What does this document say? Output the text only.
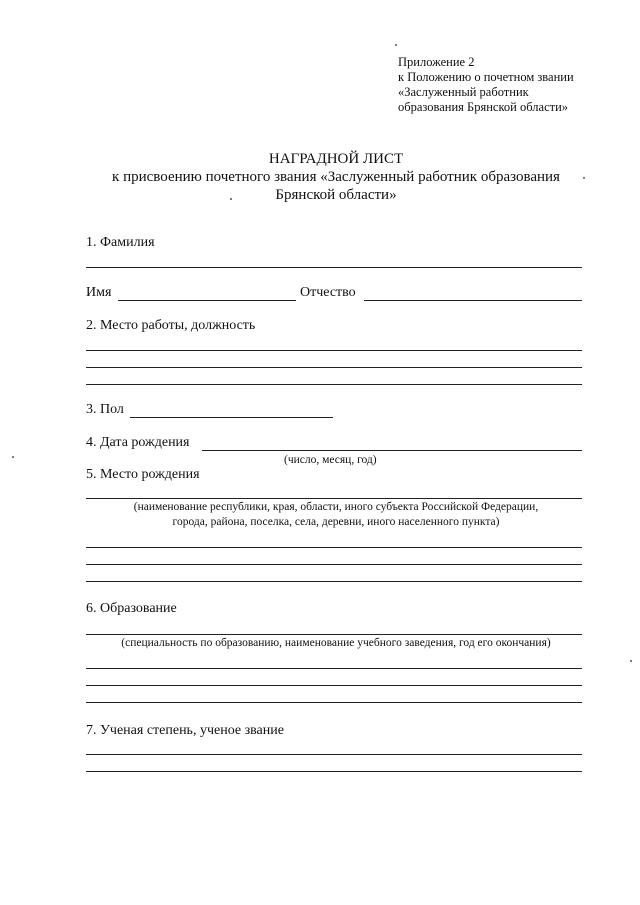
Приложение 2
к Положению о почетном звании
«Заслуженный работник
образования Брянской области»
НАГРАДНОЙ ЛИСТ
к присвоению почетного звания «Заслуженный работник образования
Брянской области»
1. Фамилия
Имя	Отчество
2. Место работы, должность
3. Пол
4. Дата рождения
(число, месяц, год)
5. Место рождения
(наименование республики, края, области, иного субъекта Российской Федерации,
города, района, поселка, села, деревни, иного населенного пункта)
6. Образование
(специальность по образованию, наименование учебного заведения, год его окончания)
7. Ученая степень, ученое звание
